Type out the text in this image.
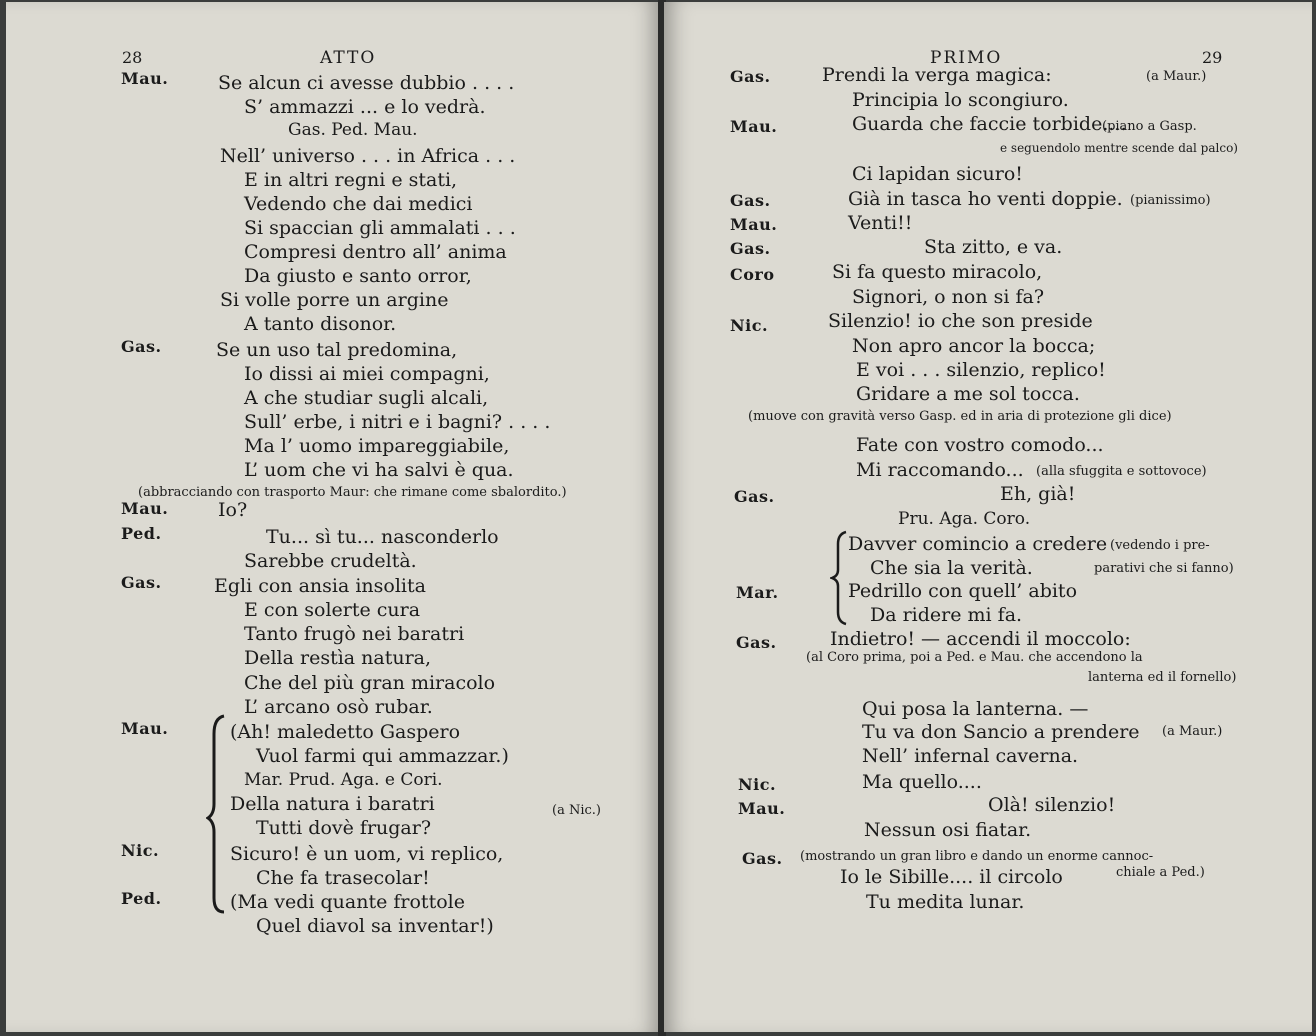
28	ATTO
Mau.	Se alcun ci avesse dubbio . . . .
S’ ammazzi ... e lo vedrà.
Gas. Ped. Mau.
Nell’ universo . . . in Africa . . .
E in altri regni e stati,
Vedendo che dai medici
Si spaccian gli ammalati . . .
Compresi dentro all’ anima
Da giusto e santo orror,
Si volle porre un argine
A tanto disonor.
Gas.	Se un uso tal predomina,
Io dissi ai miei compagni,
A che studiar sugli alcali,
Sull’ erbe, i nitri e i bagni? . . . .
Ma l’ uomo impareggiabile,
L’ uom che vi ha salvi è qua.
(abbracciando con trasporto Maur: che rimane come sbalordito.)
Mau.	Io?
Ped.	Tu... sì tu... nasconderlo
Sarebbe crudeltà.
Gas.	Egli con ansia insolita
E con solerte cura
Tanto frugò nei baratri
Della restìa natura,
Che del più gran miracolo
L’ arcano osò rubar.
Mau.	(Ah! maledetto Gaspero
Vuol farmi qui ammazzar.)
Mar. Prud. Aga. e Cori.
Della natura i baratri	(a Nic.)
Tutti dovè frugar?
Nic.	Sicuro! è un uom, vi replico,
Che fa trasecolar!
Ped.	(Ma vedi quante frottole
Quel diavol sa inventar!)
PRIMO	29
Gas.	Prendi la verga magica:	(a Maur.)
Principia lo scongiuro.
Mau.	Guarda che faccie torbide....
(piano a Gasp.
e seguendolo mentre scende dal palco)
Ci lapidan sicuro!
Gas.	Già in tasca ho venti doppie. (pianissimo)
Mau.	Venti!!
Gas.	Sta zitto, e va.
Coro	Si fa questo miracolo,
Signori, o non si fa?
Nic.	Silenzio! io che son preside
Non apro ancor la bocca;
E voi . . . silenzio, replico!
Gridare a me sol tocca.
(muove con gravità verso Gasp. ed in aria di protezione gli dice)
Fate con vostro comodo...
Mi raccomando... (alla sfuggita e sottovoce)
Gas.	Eh, già!
Pru. Aga. Coro.
Davver comincio a credere (vedendo i pre-
Che sia la verità.	parativi che si fanno)
Mar.	Pedrillo con quell’ abito
Da ridere mi fa.
Gas.	Indietro! — accendi il moccolo:
(al Coro prima, poi a Ped. e Mau. che accendono la
lanterna ed il fornello)
Qui posa la lanterna. —
Tu va don Sancio a prendere (a Maur.)
Nell’ infernal caverna.
Nic.	Ma quello....
Mau.	Olà! silenzio!
Nessun osi fiatar.
Gas. (mostrando un gran libro e dando un enorme cannoc-
Io le Sibille.... il circolo	chiale a Ped.)
Tu medita lunar.
